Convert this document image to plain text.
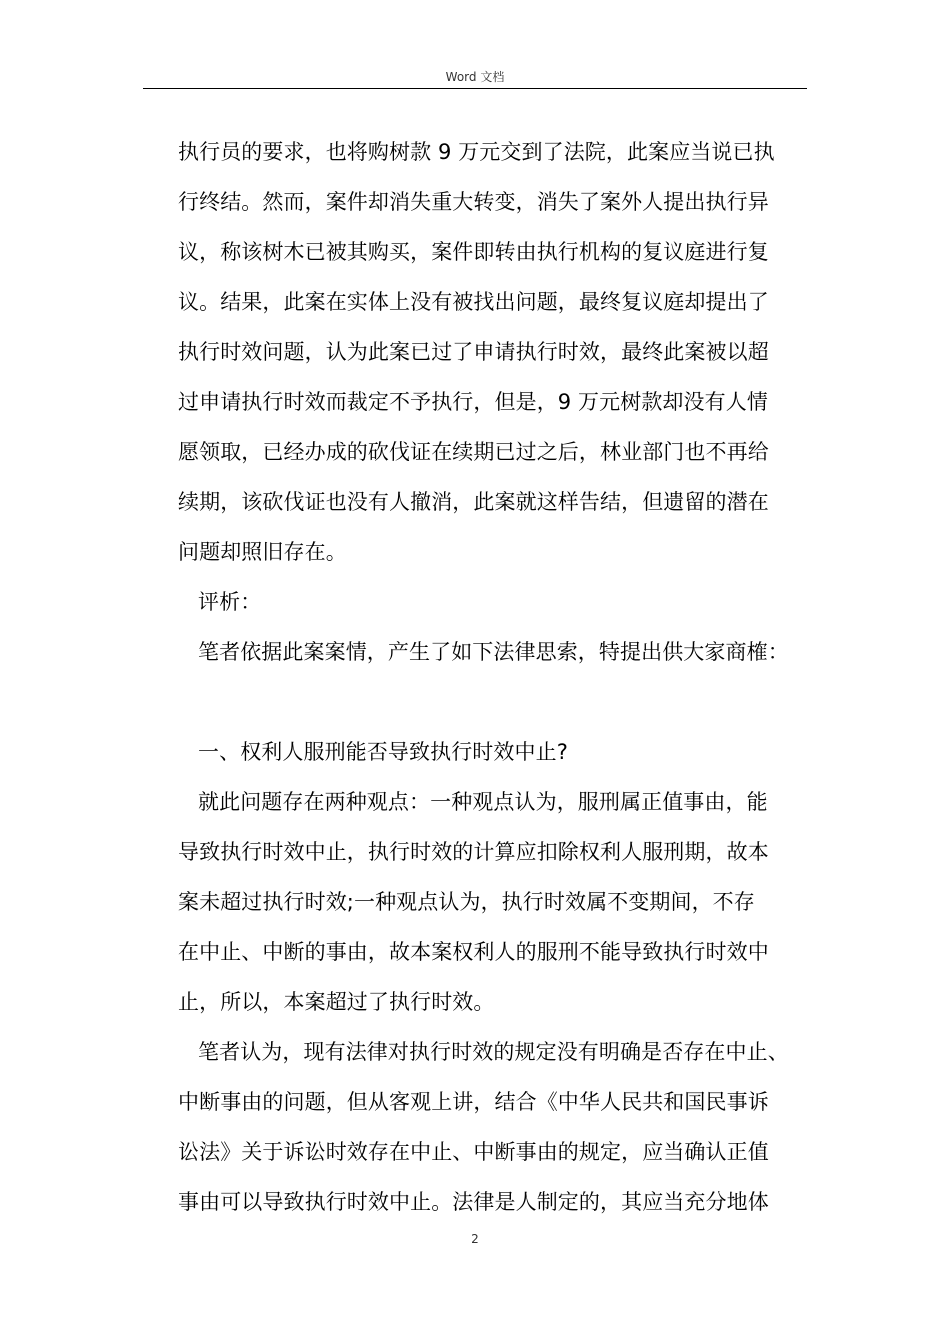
Word 文档
执行员的要求，也将购树款 9 万元交到了法院，此案应当说已执
行终结。然而，案件却消失重大转变，消失了案外人提出执行异
议，称该树木已被其购买，案件即转由执行机构的复议庭进行复
议。结果，此案在实体上没有被找出问题，最终复议庭却提出了
执行时效问题，认为此案已过了申请执行时效，最终此案被以超
过申请执行时效而裁定不予执行，但是，9 万元树款却没有人情
愿领取，已经办成的砍伐证在续期已过之后，林业部门也不再给
续期，该砍伐证也没有人撤消，此案就这样告结，但遗留的潜在
问题却照旧存在。
评析：
笔者依据此案案情，产生了如下法律思索，特提出供大家商榷：
一、权利人服刑能否导致执行时效中止?
就此问题存在两种观点：一种观点认为，服刑属正值事由，能
导致执行时效中止，执行时效的计算应扣除权利人服刑期，故本
案未超过执行时效;一种观点认为，执行时效属不变期间，不存
在中止、中断的事由，故本案权利人的服刑不能导致执行时效中
止，所以，本案超过了执行时效。
笔者认为，现有法律对执行时效的规定没有明确是否存在中止、
中断事由的问题，但从客观上讲，结合《中华人民共和国民事诉
讼法》关于诉讼时效存在中止、中断事由的规定，应当确认正值
事由可以导致执行时效中止。法律是人制定的，其应当充分地体
2
